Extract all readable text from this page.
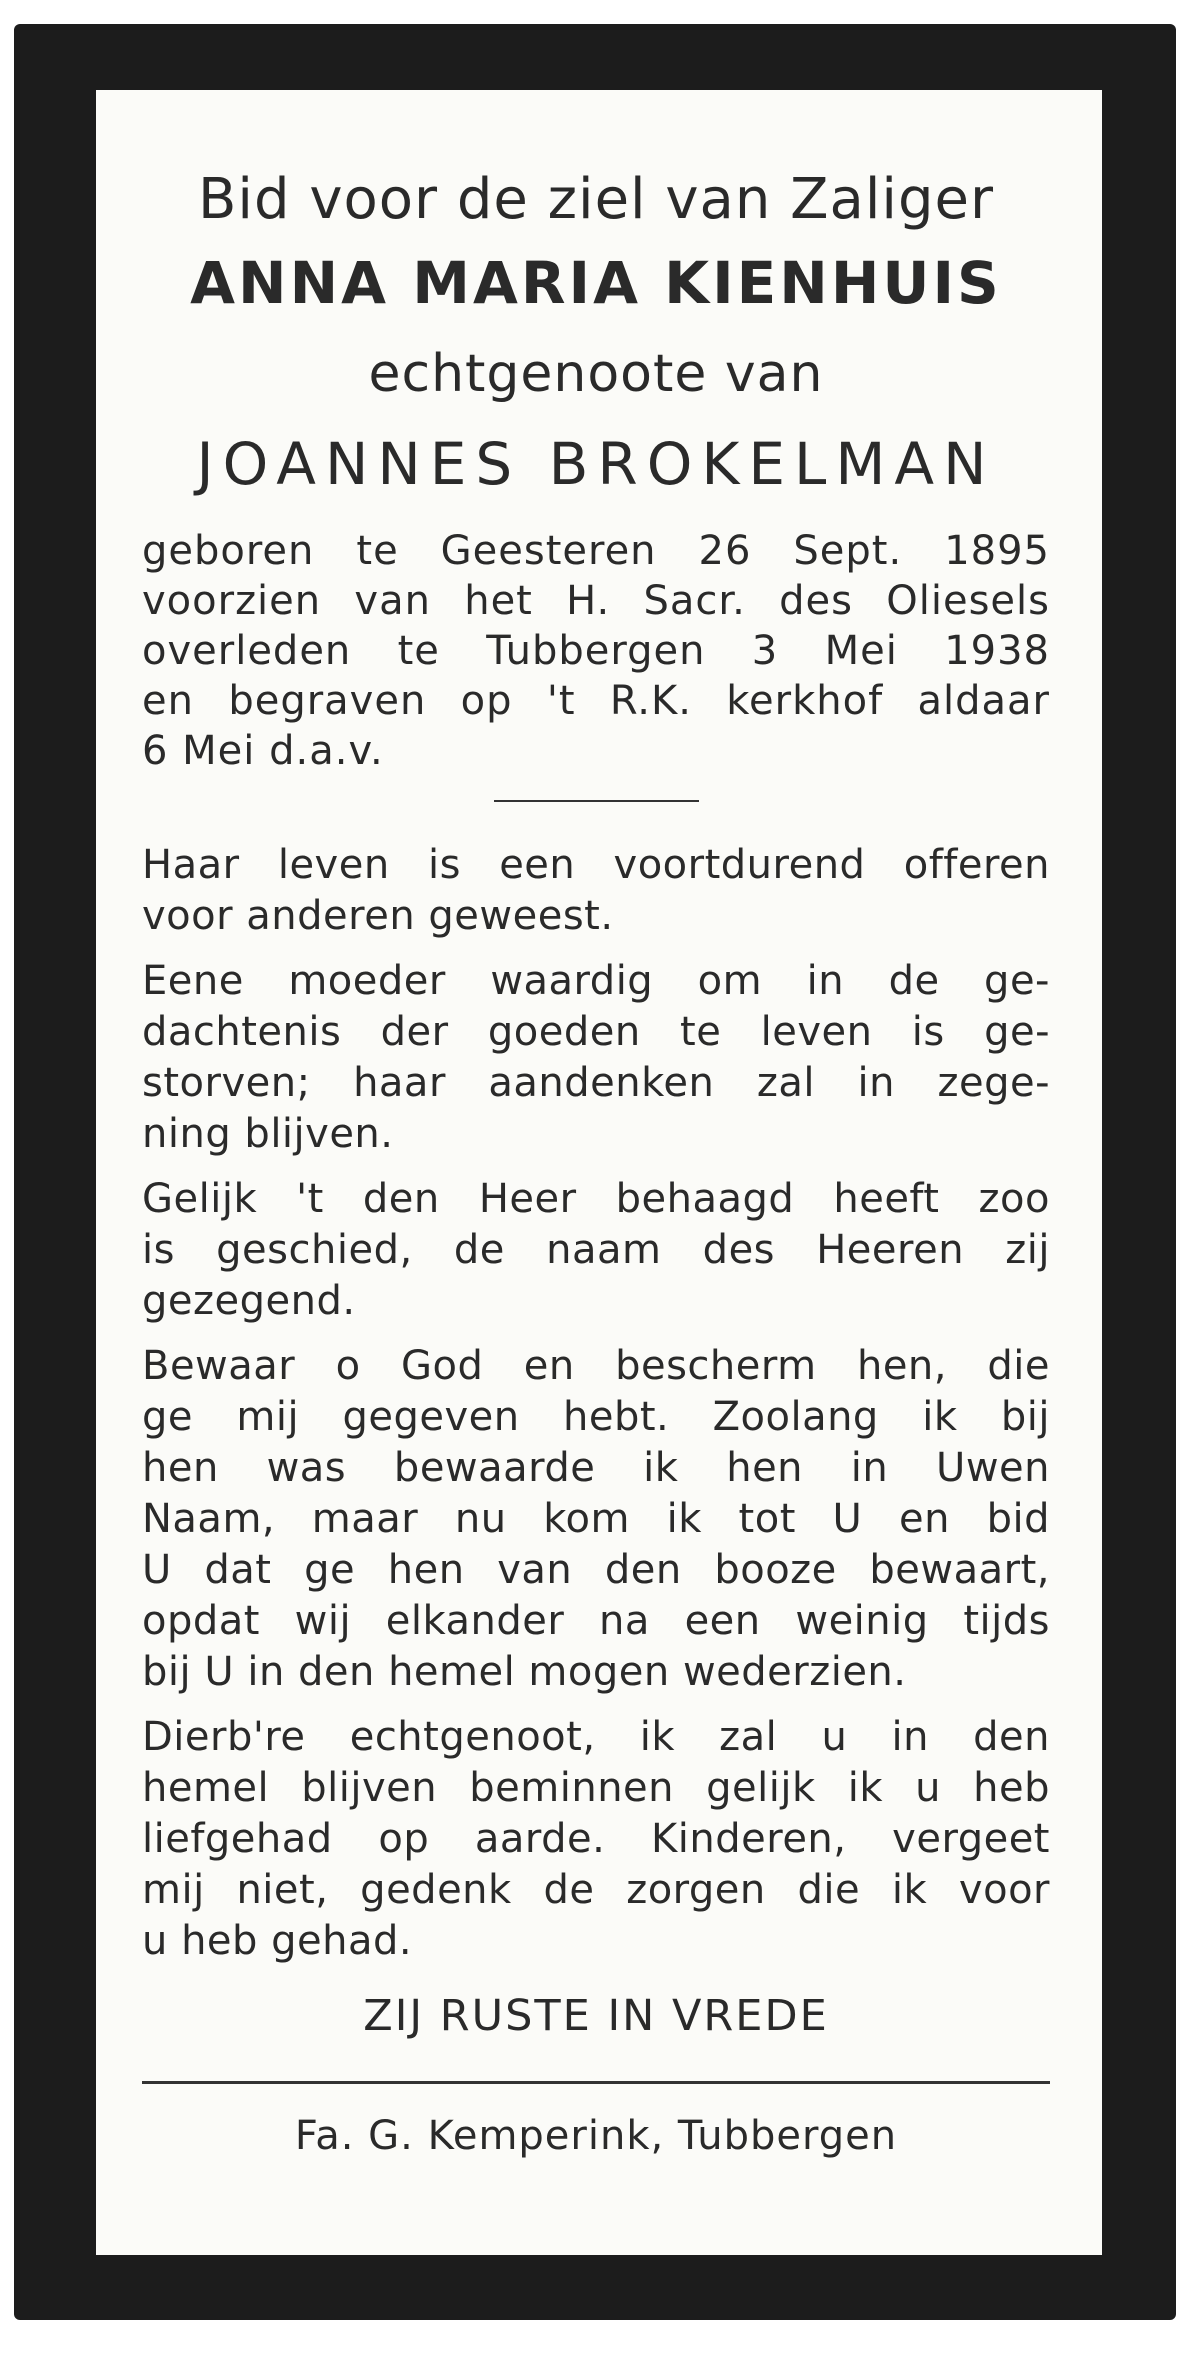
Bid voor de ziel van Zaliger

ANNA MARIA KIENHUIS

echtgenoote van

JOANNES BROKELMAN

geboren te Geesteren 26 Sept. 1895

voorzien van het H. Sacr. des Oliesels

overleden te Tubbergen 3 Mei 1938

en begraven op 't R.K. kerkhof aldaar

6 Mei d.a.v.

Haar leven is een voortdurend offeren

voor anderen geweest.

Eene moeder waardig om in de ge-

dachtenis der goeden te leven is ge-

storven; haar aandenken zal in zege-

ning blijven.

Gelijk 't den Heer behaagd heeft zoo

is geschied, de naam des Heeren zij

gezegend.

Bewaar o God en bescherm hen, die

ge mij gegeven hebt. Zoolang ik bij

hen was bewaarde ik hen in Uwen

Naam, maar nu kom ik tot U en bid

U dat ge hen van den booze bewaart,

opdat wij elkander na een weinig tijds

bij U in den hemel mogen wederzien.

Dierb're echtgenoot, ik zal u in den

hemel blijven beminnen gelijk ik u heb

liefgehad op aarde. Kinderen, vergeet

mij niet, gedenk de zorgen die ik voor

u heb gehad.

ZIJ RUSTE IN VREDE

Fa. G. Kemperink, Tubbergen
